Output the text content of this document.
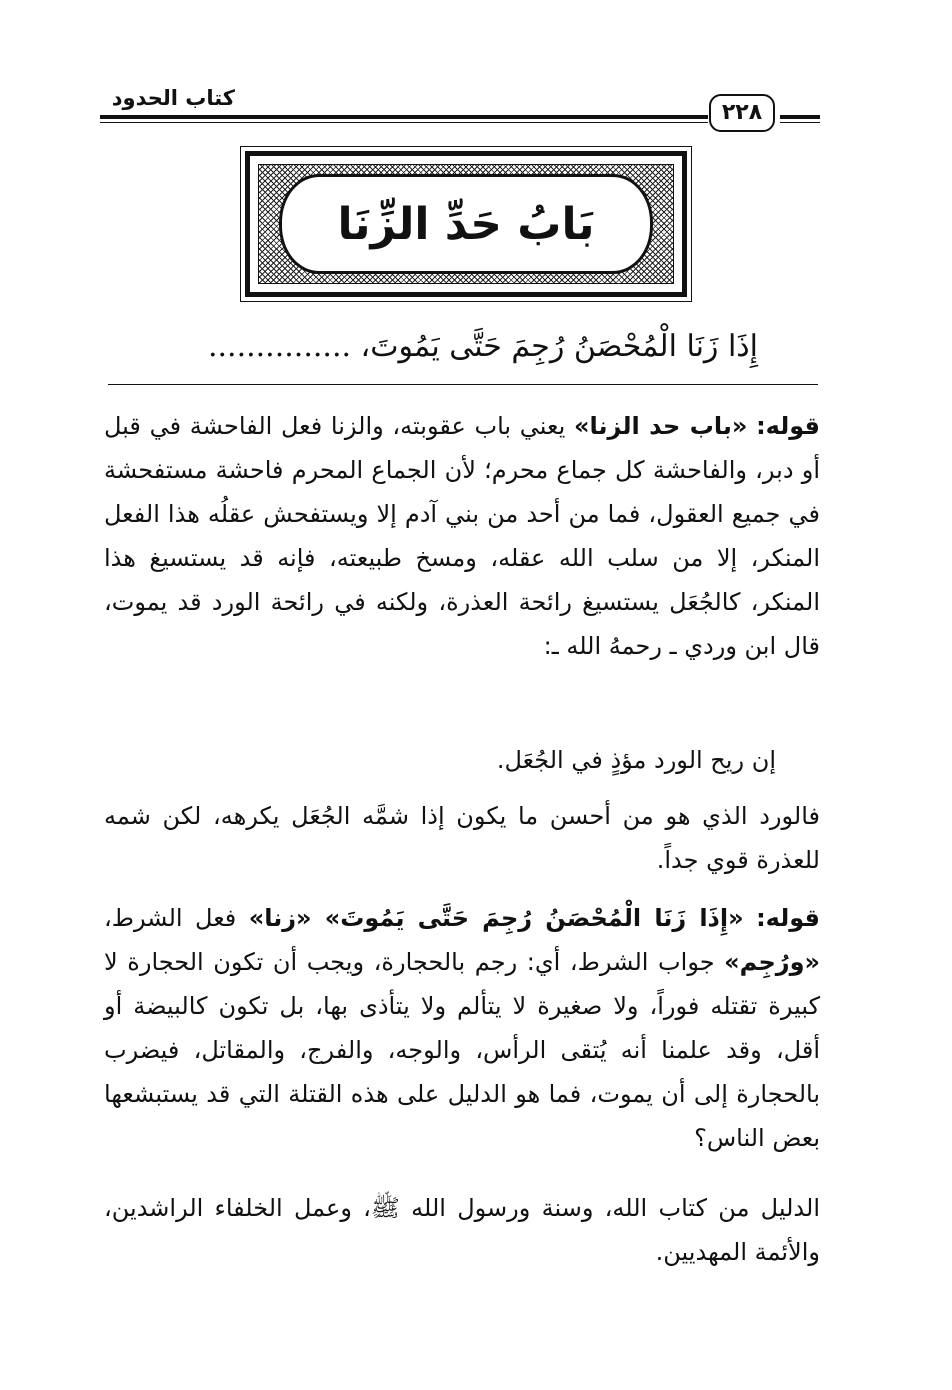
كتاب الحدود
٢٢٨
بَابُ حَدِّ الزِّنَا
إِذَا زَنَا الْمُحْصَنُ رُجِمَ حَتَّى يَمُوتَ، ...............
قوله: «باب حد الزنا» يعني باب عقوبته، والزنا فعل الفاحشة في قبل أو دبر، والفاحشة كل جماع محرم؛ لأن الجماع المحرم فاحشة مستفحشة في جميع العقول، فما من أحد من بني آدم إلا ويستفحش عقلُه هذا الفعل المنكر، إلا من سلب الله عقله، ومسخ طبيعته، فإنه قد يستسيغ هذا المنكر، كالجُعَل يستسيغ رائحة العذرة، ولكنه في رائحة الورد قد يموت، قال ابن وردي ـ رحمهُ الله ـ:
إن ريح الورد مؤذٍ في الجُعَل.
فالورد الذي هو من أحسن ما يكون إذا شمَّه الجُعَل يكرهه، لكن شمه للعذرة قوي جداً.
قوله: «إِذَا زَنَا الْمُحْصَنُ رُجِمَ حَتَّى يَمُوتَ» «زنا» فعل الشرط، «ورُجِم» جواب الشرط، أي: رجم بالحجارة، ويجب أن تكون الحجارة لا كبيرة تقتله فوراً، ولا صغيرة لا يتألم ولا يتأذى بها، بل تكون كالبيضة أو أقل، وقد علمنا أنه يُتقى الرأس، والوجه، والفرج، والمقاتل، فيضرب بالحجارة إلى أن يموت، فما هو الدليل على هذه القتلة التي قد يستبشعها بعض الناس؟
الدليل من كتاب الله، وسنة ورسول الله ﷺ، وعمل الخلفاء الراشدين، والأئمة المهديين.
